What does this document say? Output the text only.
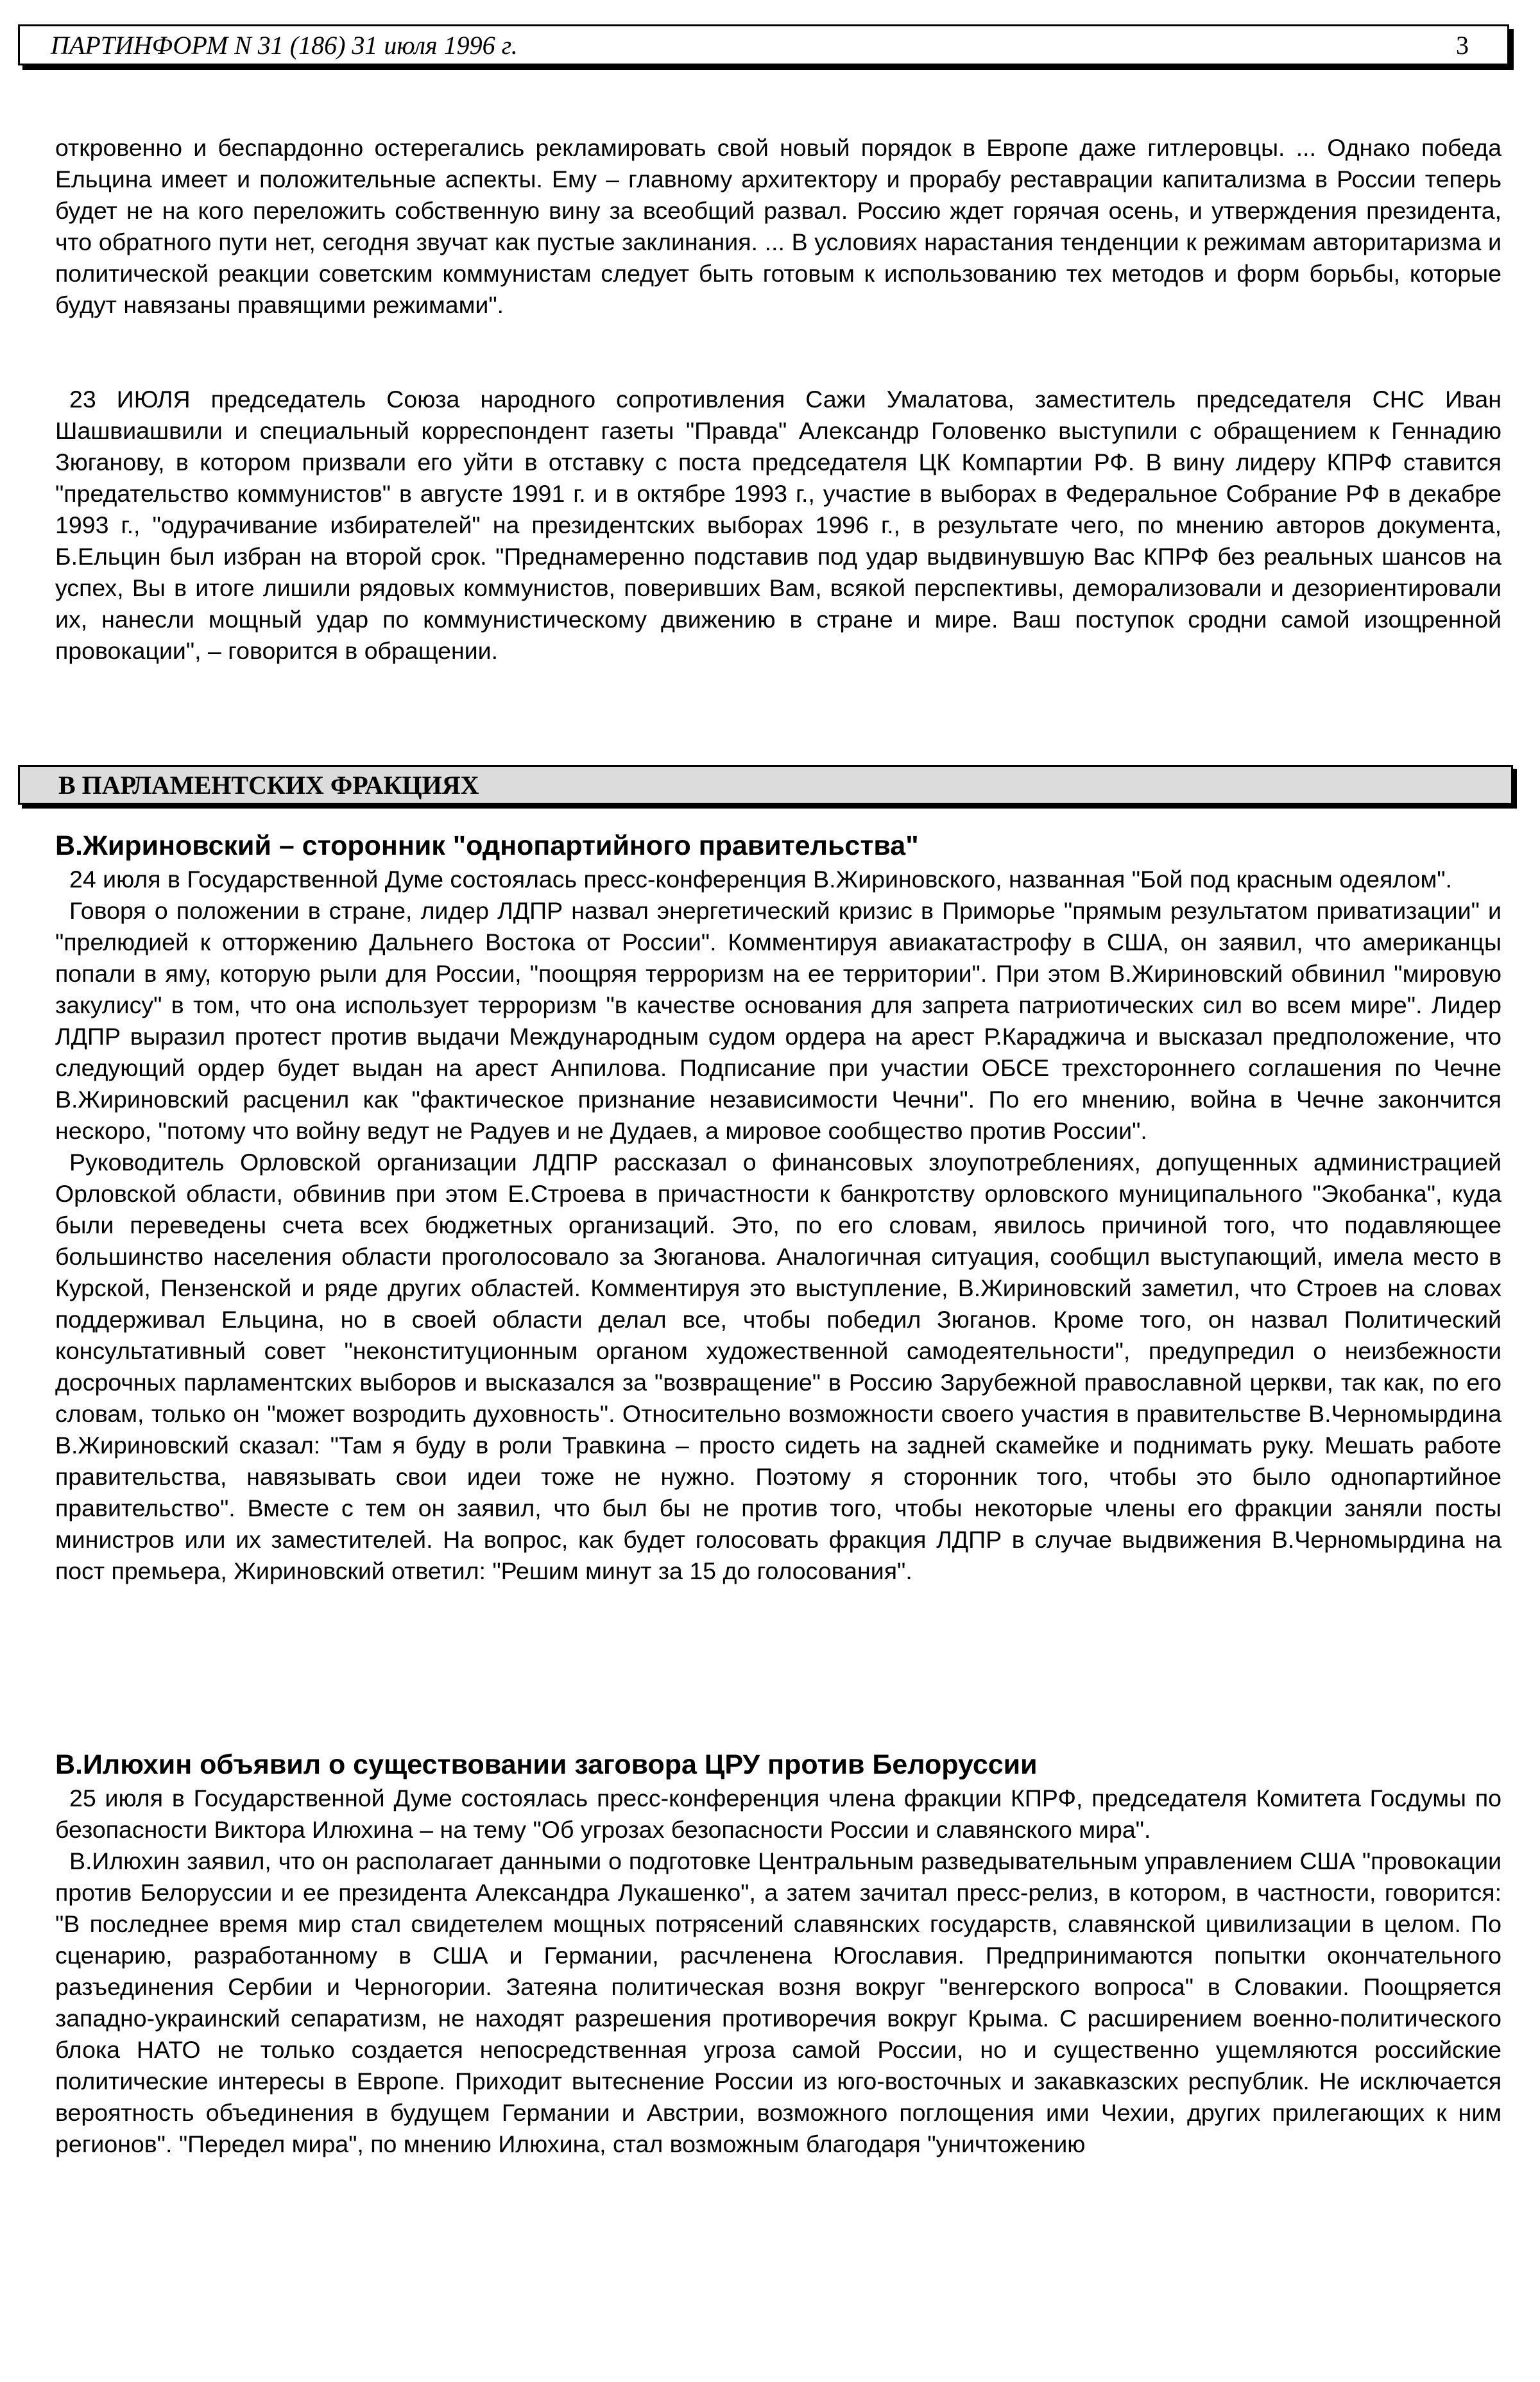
ПАРТИНФОРМ N 31 (186) 31 июля 1996 г.	3

откровенно и беспардонно остерегались рекламировать свой новый порядок в Европе даже гитлеровцы. ... Однако победа Ельцина имеет и положительные аспекты. Ему – главному архитектору и прорабу реставрации капитализма в России теперь будет не на кого переложить собственную вину за всеобщий развал. Россию ждет горячая осень, и утверждения президента, что обратного пути нет, сегодня звучат как пустые заклинания. ... В условиях нарастания тенденции к режимам авторитаризма и политической реакции советским коммунистам следует быть готовым к использованию тех методов и форм борьбы, которые будут навязаны правящими режимами".

23 ИЮЛЯ председатель Союза народного сопротивления Сажи Умалатова, заместитель председателя СНС Иван Шашвиашвили и специальный корреспондент газеты "Правда" Александр Головенко выступили с обращением к Геннадию Зюганову, в котором призвали его уйти в отставку с поста председателя ЦК Компартии РФ. В вину лидеру КПРФ ставится "предательство коммунистов" в августе 1991 г. и в октябре 1993 г., участие в выборах в Федеральное Собрание РФ в декабре 1993 г., "одурачивание избирателей" на президентских выборах 1996 г., в результате чего, по мнению авторов документа, Б.Ельцин был избран на второй срок. "Преднамеренно подставив под удар выдвинувшую Вас КПРФ без реальных шансов на успех, Вы в итоге лишили рядовых коммунистов, поверивших Вам, всякой перспективы, деморализовали и дезориентировали их, нанесли мощный удар по коммунистическому движению в стране и мире. Ваш поступок сродни самой изощренной провокации", – говорится в обращении.

В ПАРЛАМЕНТСКИХ ФРАКЦИЯХ
В.Жириновский – сторонник "однопартийного правительства"

24 июля в Государственной Думе состоялась пресс-конференция В.Жириновского, названная "Бой под красным одеялом".

Говоря о положении в стране, лидер ЛДПР назвал энергетический кризис в Приморье "прямым результатом приватизации" и "прелюдией к отторжению Дальнего Востока от России". Комментируя авиакатастрофу в США, он заявил, что американцы попали в яму, которую рыли для России, "поощряя терроризм на ее территории". При этом В.Жириновский обвинил "мировую закулису" в том, что она использует терроризм "в качестве основания для запрета патриотических сил во всем мире". Лидер ЛДПР выразил протест против выдачи Международным судом ордера на арест Р.Караджича и высказал предположение, что следующий ордер будет выдан на арест Анпилова. Подписание при участии ОБСЕ трехстороннего соглашения по Чечне В.Жириновский расценил как "фактическое признание независимости Чечни". По его мнению, война в Чечне закончится нескоро, "потому что войну ведут не Радуев и не Дудаев, а мировое сообщество против России".

Руководитель Орловской организации ЛДПР рассказал о финансовых злоупотреблениях, допущенных администрацией Орловской области, обвинив при этом Е.Строева в причастности к банкротству орловского муниципального "Экобанка", куда были переведены счета всех бюджетных организаций. Это, по его словам, явилось причиной того, что подавляющее большинство населения области проголосовало за Зюганова. Аналогичная ситуация, сообщил выступающий, имела место в Курской, Пензенской и ряде других областей. Комментируя это выступление, В.Жириновский заметил, что Строев на словах поддерживал Ельцина, но в своей области делал все, чтобы победил Зюганов. Кроме того, он назвал Политический консультативный совет "неконституционным органом художественной самодеятельности", предупредил о неизбежности досрочных парламентских выборов и высказался за "возвращение" в Россию Зарубежной православной церкви, так как, по его словам, только он "может возродить духовность". Относительно возможности своего участия в правительстве В.Черномырдина В.Жириновский сказал: "Там я буду в роли Травкина – просто сидеть на задней скамейке и поднимать руку. Мешать работе правительства, навязывать свои идеи тоже не нужно. Поэтому я сторонник того, чтобы это было однопартийное правительство". Вместе с тем он заявил, что был бы не против того, чтобы некоторые члены его фракции заняли посты министров или их заместителей. На вопрос, как будет голосовать фракция ЛДПР в случае выдвижения В.Черномырдина на пост премьера, Жириновский ответил: "Решим минут за 15 до голосования".

В.Илюхин объявил о существовании заговора ЦРУ против Белоруссии

25 июля в Государственной Думе состоялась пресс-конференция члена фракции КПРФ, председателя Комитета Госдумы по безопасности Виктора Илюхина – на тему "Об угрозах безопасности России и славянского мира".

В.Илюхин заявил, что он располагает данными о подготовке Центральным разведывательным управлением США "провокации против Белоруссии и ее президента Александра Лукашенко", а затем зачитал пресс-релиз, в котором, в частности, говорится: "В последнее время мир стал свидетелем мощных потрясений славянских государств, славянской цивилизации в целом. По сценарию, разработанному в США и Германии, расчленена Югославия. Предпринимаются попытки окончательного разъединения Сербии и Черногории. Затеяна политическая возня вокруг "венгерского вопроса" в Словакии. Поощряется западно-украинский сепаратизм, не находят разрешения противоречия вокруг Крыма. С расширением военно-политического блока НАТО не только создается непосредственная угроза самой России, но и существенно ущемляются российские политические интересы в Европе. Приходит вытеснение России из юго-восточных и закавказских республик. Не исключается вероятность объединения в будущем Германии и Австрии, возможного поглощения ими Чехии, других прилегающих к ним регионов". "Передел мира", по мнению Илюхина, стал возможным благодаря "уничтожению
